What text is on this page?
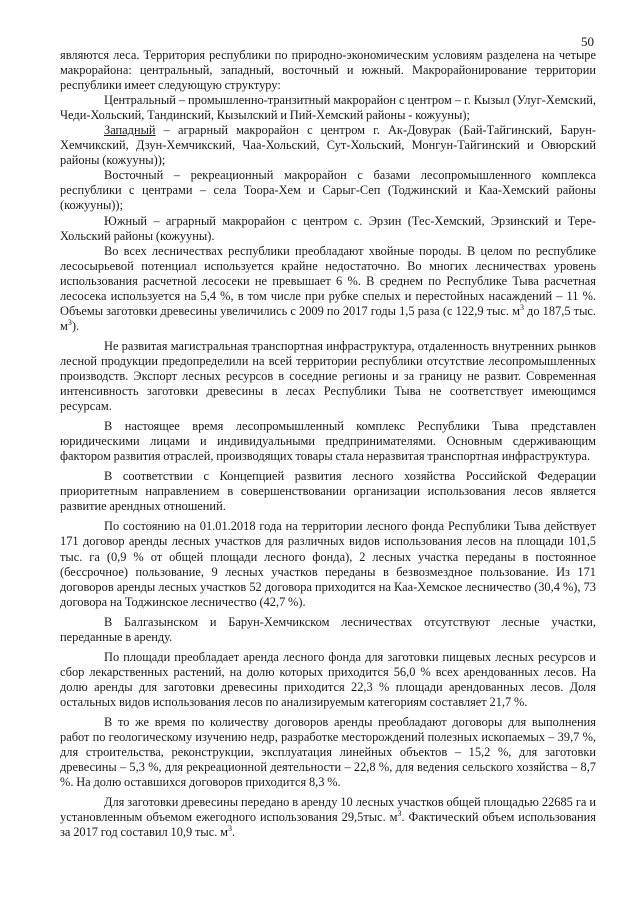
50

являются леса. Территория республики по природно-экономическим условиям разделена на четыре макрорайона: центральный, западный, восточный и южный. Макрорайонирование территории республики имеет следующую структуру:

Центральный – промышленно-транзитный макрорайон с центром – г. Кызыл (Улуг-Хемский, Чеди-Хольский, Тандинский, Кызылский и Пий-Хемский районы - кожууны);

Западный – аграрный макрорайон с центром г. Ак-Довурак (Бай-Тайгинский, Барун-Хемчикский, Дзун-Хемчикский, Чаа-Хольский, Сут-Хольский, Монгун-Тайгинский и Овюрский районы (кожууны));

Восточный – рекреационный макрорайон с базами лесопромышленного комплекса республики с центрами – села Тоора-Хем и Сарыг-Сеп (Тоджинский и Каа-Хемский районы (кожууны));

Южный – аграрный макрорайон с центром с. Эрзин (Тес-Хемский, Эрзинский и Тере-Хольский районы (кожууны).

Во всех лесничествах республики преобладают хвойные породы. В целом по республике лесосырьевой потенциал используется крайне недостаточно. Во многих лесничествах уровень использования расчетной лесосеки не превышает 6 %. В среднем по Республике Тыва расчетная лесосека используется на 5,4 %, в том числе при рубке спелых и перестойных насаждений – 11 %. Объемы заготовки древесины увеличились с 2009 по 2017 годы 1,5 раза (с 122,9 тыс. $м^3$ до 187,5 тыс. $м^3$).

Не развитая магистральная транспортная инфраструктура, отдаленность внутренних рынков лесной продукции предопределили на всей территории республики отсутствие лесопромышленных производств. Экспорт лесных ресурсов в соседние регионы и за границу не развит. Современная интенсивность заготовки древесины в лесах Республики Тыва не соответствует имеющимся ресурсам.

В настоящее время лесопромышленный комплекс Республики Тыва представлен юридическими лицами и индивидуальными предпринимателями. Основным сдерживающим фактором развития отраслей, производящих товары стала неразвитая транспортная инфраструктура.

В соответствии с Концепцией развития лесного хозяйства Российской Федерации приоритетным направлением в совершенствовании организации использования лесов является развитие арендных отношений.

По состоянию на 01.01.2018 года на территории лесного фонда Республики Тыва действует 171 договор аренды лесных участков для различных видов использования лесов на площади 101,5 тыс. га (0,9 % от общей площади лесного фонда), 2 лесных участка переданы в постоянное (бессрочное) пользование, 9 лесных участков переданы в безвозмездное пользование. Из 171 договоров аренды лесных участков 52 договора приходится на Каа-Хемское лесничество (30,4 %), 73 договора на Тоджинское лесничество (42,7 %).

В Балгазынском и Барун-Хемчикском лесничествах отсутствуют лесные участки, переданные в аренду.

По площади преобладает аренда лесного фонда для заготовки пищевых лесных ресурсов и сбор лекарственных растений, на долю которых приходится 56,0 % всех арендованных лесов. На долю аренды для заготовки древесины приходится 22,3 % площади арендованных лесов. Доля остальных видов использования лесов по анализируемым категориям составляет 21,7 %.

В то же время по количеству договоров аренды преобладают договоры для выполнения работ по геологическому изучению недр, разработке месторождений полезных ископаемых – 39,7 %, для строительства, реконструкции, эксплуатация линейных объектов – 15,2 %, для заготовки древесины – 5,3 %, для рекреационной деятельности – 22,8 %, для ведения сельского хозяйства – 8,7 %. На долю оставшихся договоров приходится 8,3 %.

Для заготовки древесины передано в аренду 10 лесных участков общей площадью 22685 га и установленным объемом ежегодного использования 29,5тыс. $м^3$. Фактический объем использования за 2017 год составил 10,9 тыс. $м^3$.
